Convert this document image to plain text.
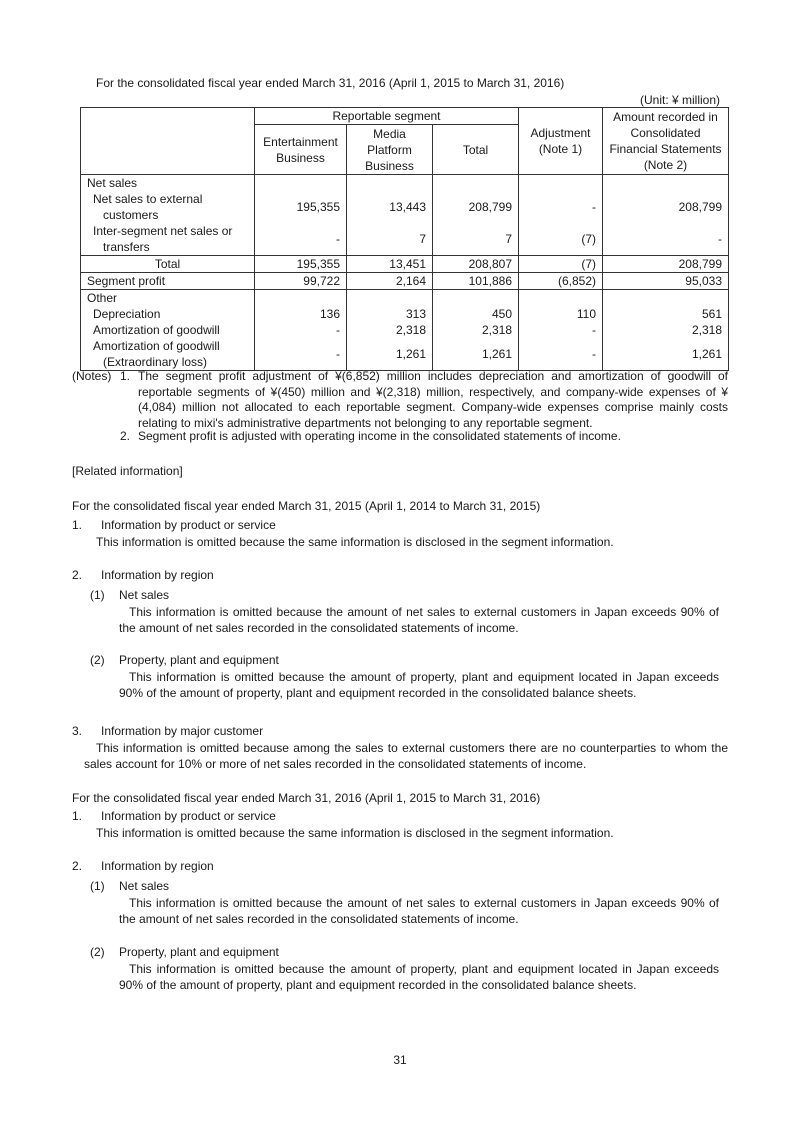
For the consolidated fiscal year ended March 31, 2016 (April 1, 2015 to March 31, 2016)
(Unit: ¥ million)
	Reportable segment			Adjustment (Note 1)	Amount recorded in Consolidated Financial Statements (Note 2)
	Entertainment Business	Media Platform Business	Total		
Net sales					

Net sales to external customers	195,355	13,443	208,799	-	208,799

Inter-segment net sales or transfers	-	7	7	(7)	-
Total	195,355	13,451	208,807	(7)	208,799
Segment profit	99,722	2,164	101,886	(6,852)	95,033
Other					
Depreciation	136	313	450	110	561
Amortization of goodwill	-	2,318	2,318	-	2,318

Amortization of goodwill (Extraordinary loss)	-	1,261	1,261	-	1,261
(Notes) 1. The segment profit adjustment of ¥(6,852) million includes depreciation and amortization of goodwill of reportable segments of ¥(450) million and ¥(2,318) million, respectively, and company-wide expenses of ¥(4,084) million not allocated to each reportable segment. Company-wide expenses comprise mainly costs relating to mixi's administrative departments not belonging to any reportable segment.
2. Segment profit is adjusted with operating income in the consolidated statements of income.
[Related information]
For the consolidated fiscal year ended March 31, 2015 (April 1, 2014 to March 31, 2015)
1. Information by product or service
This information is omitted because the same information is disclosed in the segment information.
2. Information by region
(1) Net sales
This information is omitted because the amount of net sales to external customers in Japan exceeds 90% of the amount of net sales recorded in the consolidated statements of income.
(2) Property, plant and equipment
This information is omitted because the amount of property, plant and equipment located in Japan exceeds 90% of the amount of property, plant and equipment recorded in the consolidated balance sheets.
3. Information by major customer
This information is omitted because among the sales to external customers there are no counterparties to whom the sales account for 10% or more of net sales recorded in the consolidated statements of income.
For the consolidated fiscal year ended March 31, 2016 (April 1, 2015 to March 31, 2016)
1. Information by product or service
This information is omitted because the same information is disclosed in the segment information.
2. Information by region
(1) Net sales
This information is omitted because the amount of net sales to external customers in Japan exceeds 90% of the amount of net sales recorded in the consolidated statements of income.
(2) Property, plant and equipment
This information is omitted because the amount of property, plant and equipment located in Japan exceeds 90% of the amount of property, plant and equipment recorded in the consolidated balance sheets.
31
